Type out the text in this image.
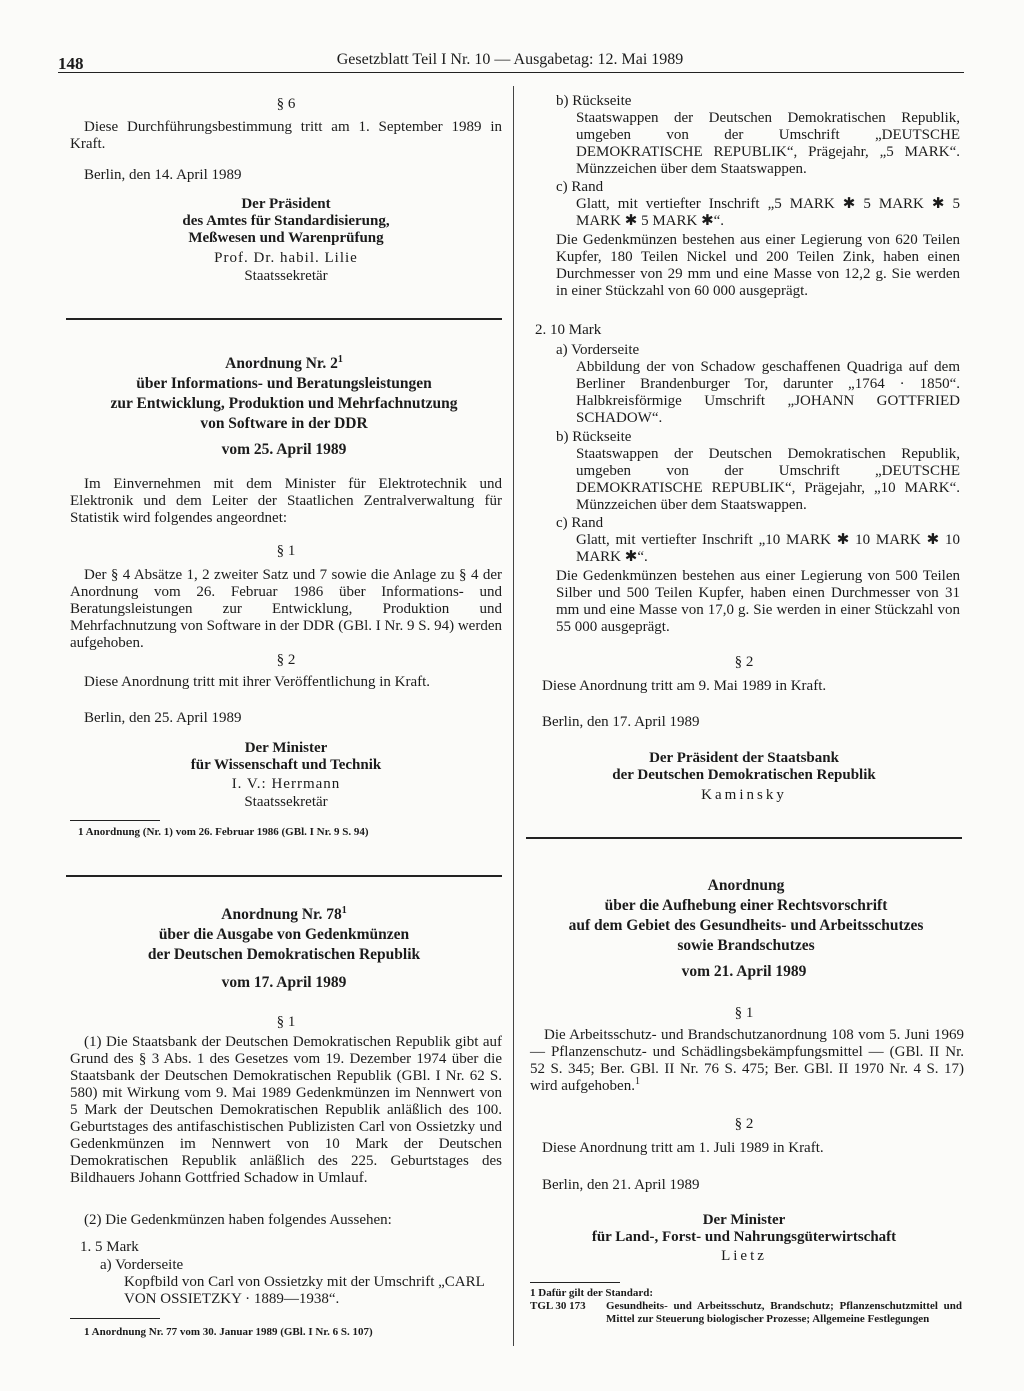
148	Gesetzblatt Teil I Nr. 10 — Ausgabetag: 12. Mai 1989
§ 6
Diese Durchführungsbestimmung tritt am 1. September 1989 in Kraft.
Berlin, den 14. April 1989
Der Präsident
des Amtes für Standardisierung,
Meßwesen und Warenprüfung
Prof. Dr. habil. Lilie
Staatssekretär
Anordnung Nr. $2^1$
über Informations- und Beratungsleistungen
zur Entwicklung, Produktion und Mehrfachnutzung
von Software in der DDR
vom 25. April 1989
Im Einvernehmen mit dem Minister für Elektrotechnik und Elektronik und dem Leiter der Staatlichen Zentralverwaltung für Statistik wird folgendes angeordnet:
§ 1
Der § 4 Absätze 1, 2 zweiter Satz und 7 sowie die Anlage zu § 4 der Anordnung vom 26. Februar 1986 über Informations- und Beratungsleistungen zur Entwicklung, Produktion und Mehrfachnutzung von Software in der DDR (GBl. I Nr. 9 S. 94) werden aufgehoben.
§ 2
Diese Anordnung tritt mit ihrer Veröffentlichung in Kraft.
Berlin, den 25. April 1989
Der Minister
für Wissenschaft und Technik
I. V.: Herrmann
Staatssekretär
1 Anordnung (Nr. 1) vom 26. Februar 1986 (GBl. I Nr. 9 S. 94)
Anordnung Nr. $78^1$
über die Ausgabe von Gedenkmünzen
der Deutschen Demokratischen Republik
vom 17. April 1989
§ 1
(1) Die Staatsbank der Deutschen Demokratischen Republik gibt auf Grund des § 3 Abs. 1 des Gesetzes vom 19. Dezember 1974 über die Staatsbank der Deutschen Demokratischen Republik (GBl. I Nr. 62 S. 580) mit Wirkung vom 9. Mai 1989 Gedenkmünzen im Nennwert von 5 Mark der Deutschen Demokratischen Republik anläßlich des 100. Geburtstages des antifaschistischen Publizisten Carl von Ossietzky und Gedenkmünzen im Nennwert von 10 Mark der Deutschen Demokratischen Republik anläßlich des 225. Geburtstages des Bildhauers Johann Gottfried Schadow in Umlauf.
(2) Die Gedenkmünzen haben folgendes Aussehen:
1. 5 Mark
a) Vorderseite
Kopfbild von Carl von Ossietzky mit der Umschrift „CARL VON OSSIETZKY · 1889—1938“.
1 Anordnung Nr. 77 vom 30. Januar 1989 (GBl. I Nr. 6 S. 107)
b) Rückseite
Staatswappen der Deutschen Demokratischen Republik, umgeben von der Umschrift „DEUTSCHE DEMOKRATISCHE REPUBLIK“, Prägejahr, „5 MARK“. Münzzeichen über dem Staatswappen.
c) Rand
Glatt, mit vertiefter Inschrift „5 MARK ✱ 5 MARK ✱ 5 MARK ✱ 5 MARK ✱“.
Die Gedenkmünzen bestehen aus einer Legierung von 620 Teilen Kupfer, 180 Teilen Nickel und 200 Teilen Zink, haben einen Durchmesser von 29 mm und eine Masse von 12,2 g. Sie werden in einer Stückzahl von 60 000 ausgeprägt.
2. 10 Mark
a) Vorderseite
Abbildung der von Schadow geschaffenen Quadriga auf dem Berliner Brandenburger Tor, darunter „1764 · 1850“. Halbkreisförmige Umschrift „JOHANN GOTTFRIED SCHADOW“.
b) Rückseite
Staatswappen der Deutschen Demokratischen Republik, umgeben von der Umschrift „DEUTSCHE DEMOKRATISCHE REPUBLIK“, Prägejahr, „10 MARK“. Münzzeichen über dem Staatswappen.
c) Rand
Glatt, mit vertiefter Inschrift „10 MARK ✱ 10 MARK ✱ 10 MARK ✱“.
Die Gedenkmünzen bestehen aus einer Legierung von 500 Teilen Silber und 500 Teilen Kupfer, haben einen Durchmesser von 31 mm und eine Masse von 17,0 g. Sie werden in einer Stückzahl von 55 000 ausgeprägt.
§ 2
Diese Anordnung tritt am 9. Mai 1989 in Kraft.
Berlin, den 17. April 1989
Der Präsident der Staatsbank
der Deutschen Demokratischen Republik
Kaminsky
Anordnung
über die Aufhebung einer Rechtsvorschrift
auf dem Gebiet des Gesundheits- und Arbeitsschutzes
sowie Brandschutzes
vom 21. April 1989
§ 1
Die Arbeitsschutz- und Brandschutzanordnung 108 vom 5. Juni 1969 — Pflanzenschutz- und Schädlingsbekämpfungsmittel — (GBl. II Nr. 52 S. 345; Ber. GBl. II Nr. 76 S. 475; Ber. GBl. II 1970 Nr. 4 S. 17) wird aufgehoben.$^1$
§ 2
Diese Anordnung tritt am 1. Juli 1989 in Kraft.
Berlin, den 21. April 1989
Der Minister
für Land-, Forst- und Nahrungsgüterwirtschaft
Lietz
1 Dafür gilt der Standard:
TGL 30 173	Gesundheits- und Arbeitsschutz, Brandschutz; Pflanzenschutzmittel und Mittel zur Steuerung biologischer Prozesse; Allgemeine Festlegungen
